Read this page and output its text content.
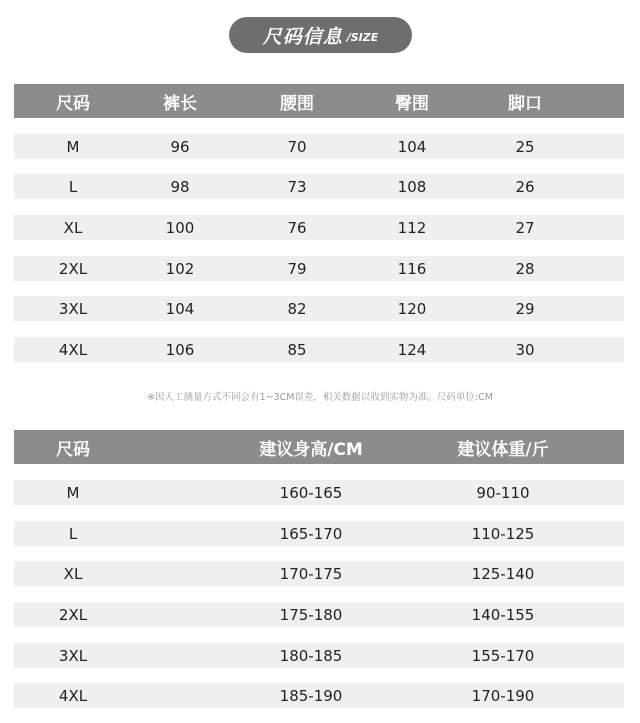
尺码信息 /SIZE
尺码	裤长	腰围	臀围	脚口
M	96	70	104	25
L	98	73	108	26
XL	100	76	112	27
2XL	102	79	116	28
3XL	104	82	120	29
4XL	106	85	124	30
※因人工测量方式不同会有1~3CM误差，相关数据以收到实物为准。尺码单位:CM
尺码	建议身高/CM	建议体重/斤
M	160-165	90-110
L	165-170	110-125
XL	170-175	125-140
2XL	175-180	140-155
3XL	180-185	155-170
4XL	185-190	170-190
